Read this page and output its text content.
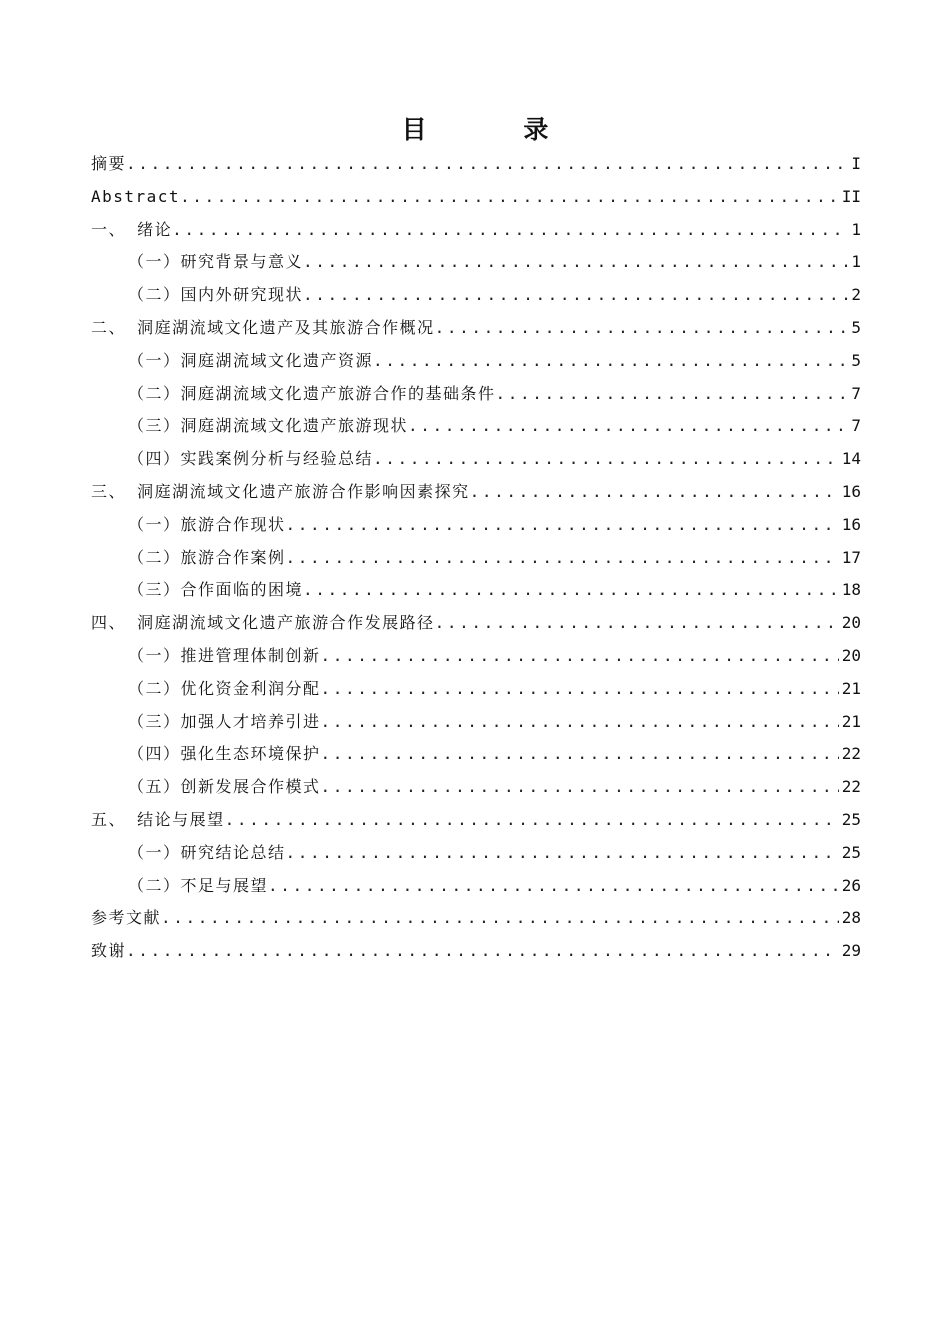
目 录
摘要 .....	I
Abstract .....	II
一、 绪论 .....	1
（一）研究背景与意义 .....	1
（二）国内外研究现状 .....	2
二、 洞庭湖流域文化遗产及其旅游合作概况 .....	5
（一）洞庭湖流域文化遗产资源 .....	5
（二）洞庭湖流域文化遗产旅游合作的基础条件 .....	7
（三）洞庭湖流域文化遗产旅游现状 .....	7
（四）实践案例分析与经验总结 .....	14
三、 洞庭湖流域文化遗产旅游合作影响因素探究 .....	16
（一）旅游合作现状 .....	16
（二）旅游合作案例 .....	17
（三）合作面临的困境 .....	18
四、 洞庭湖流域文化遗产旅游合作发展路径 .....	20
（一）推进管理体制创新 .....	20
（二）优化资金利润分配 .....	21
（三）加强人才培养引进 .....	21
（四）强化生态环境保护 .....	22
（五）创新发展合作模式 .....	22
五、 结论与展望 .....	25
（一）研究结论总结 .....	25
（二）不足与展望 .....	26
参考文献 .....	28
致谢 .....	29
